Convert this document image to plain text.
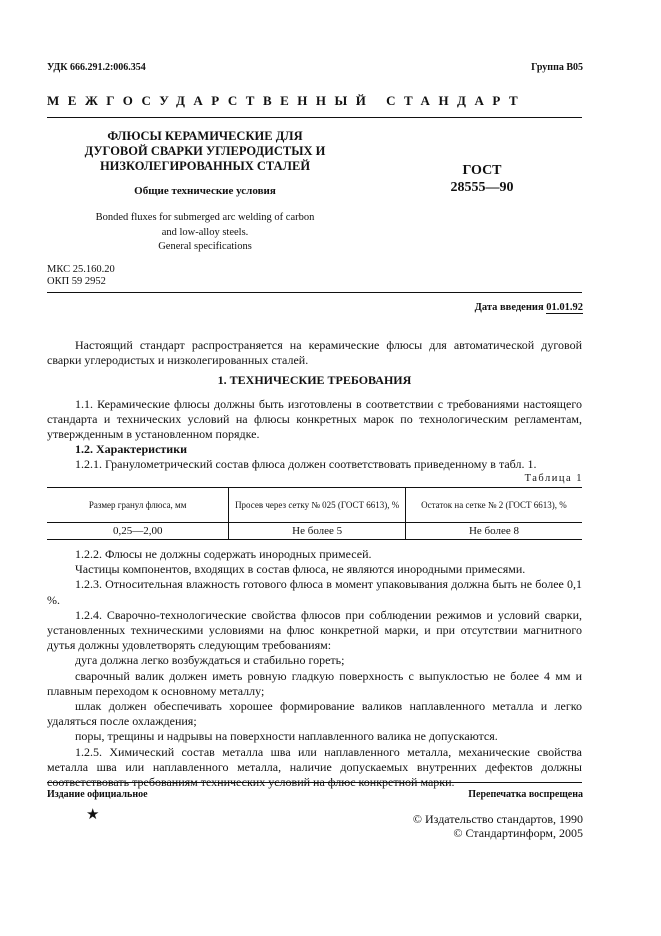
УДК 666.291.2:006.354	Группа В05
МЕЖГОСУДАРСТВЕННЫЙ СТАНДАРТ
ФЛЮСЫ КЕРАМИЧЕСКИЕ ДЛЯ ДУГОВОЙ СВАРКИ УГЛЕРОДИСТЫХ И НИЗКОЛЕГИРОВАННЫХ СТАЛЕЙ
Общие технические условия
Bonded fluxes for submerged arc welding of carbon
and low-alloy steels.
General specifications
ГОСТ
28555—90
МКС 25.160.20
ОКП 59 2952
Дата введения 01.01.92

Настоящий стандарт распространяется на керамические флюсы для автоматической дуговой сварки углеродистых и низколегированных сталей.

1. ТЕХНИЧЕСКИЕ ТРЕБОВАНИЯ

1.1. Керамические флюсы должны быть изготовлены в соответствии с требованиями настоящего стандарта и технических условий на флюсы конкретных марок по технологическим регламентам, утвержденным в установленном порядке.

1.2. Характеристики

1.2.1. Гранулометрический состав флюса должен соответствовать приведенному в табл. 1.

Таблица 1
Размер гранул флюса, мм	Просев через сетку № 025 (ГОСТ 6613), %	Остаток на сетке № 2 (ГОСТ 6613), %
0,25—2,00	Не более 5	Не более 8

1.2.2. Флюсы не должны содержать инородных примесей.

Частицы компонентов, входящих в состав флюса, не являются инородными примесями.

1.2.3. Относительная влажность готового флюса в момент упаковывания должна быть не более 0,1 %.

1.2.4. Сварочно-технологические свойства флюсов при соблюдении режимов и условий сварки, установленных техническими условиями на флюс конкретной марки, и при отсутствии магнитного дутья должны удовлетворять следующим требованиям:

дуга должна легко возбуждаться и стабильно гореть;

сварочный валик должен иметь ровную гладкую поверхность с выпуклостью не более 4 мм и плавным переходом к основному металлу;

шлак должен обеспечивать хорошее формирование валиков наплавленного металла и легко удаляться после охлаждения;

поры, трещины и надрывы на поверхности наплавленного валика не допускаются.

1.2.5. Химический состав металла шва или наплавленного металла, механические свойства металла шва или наплавленного металла, наличие допускаемых внутренних дефектов должны соответствовать требованиям технических условий на флюс конкретной марки.

Издание официальное	Перепечатка воспрещена
★	© Издательство стандартов, 1990
© Стандартинформ, 2005
